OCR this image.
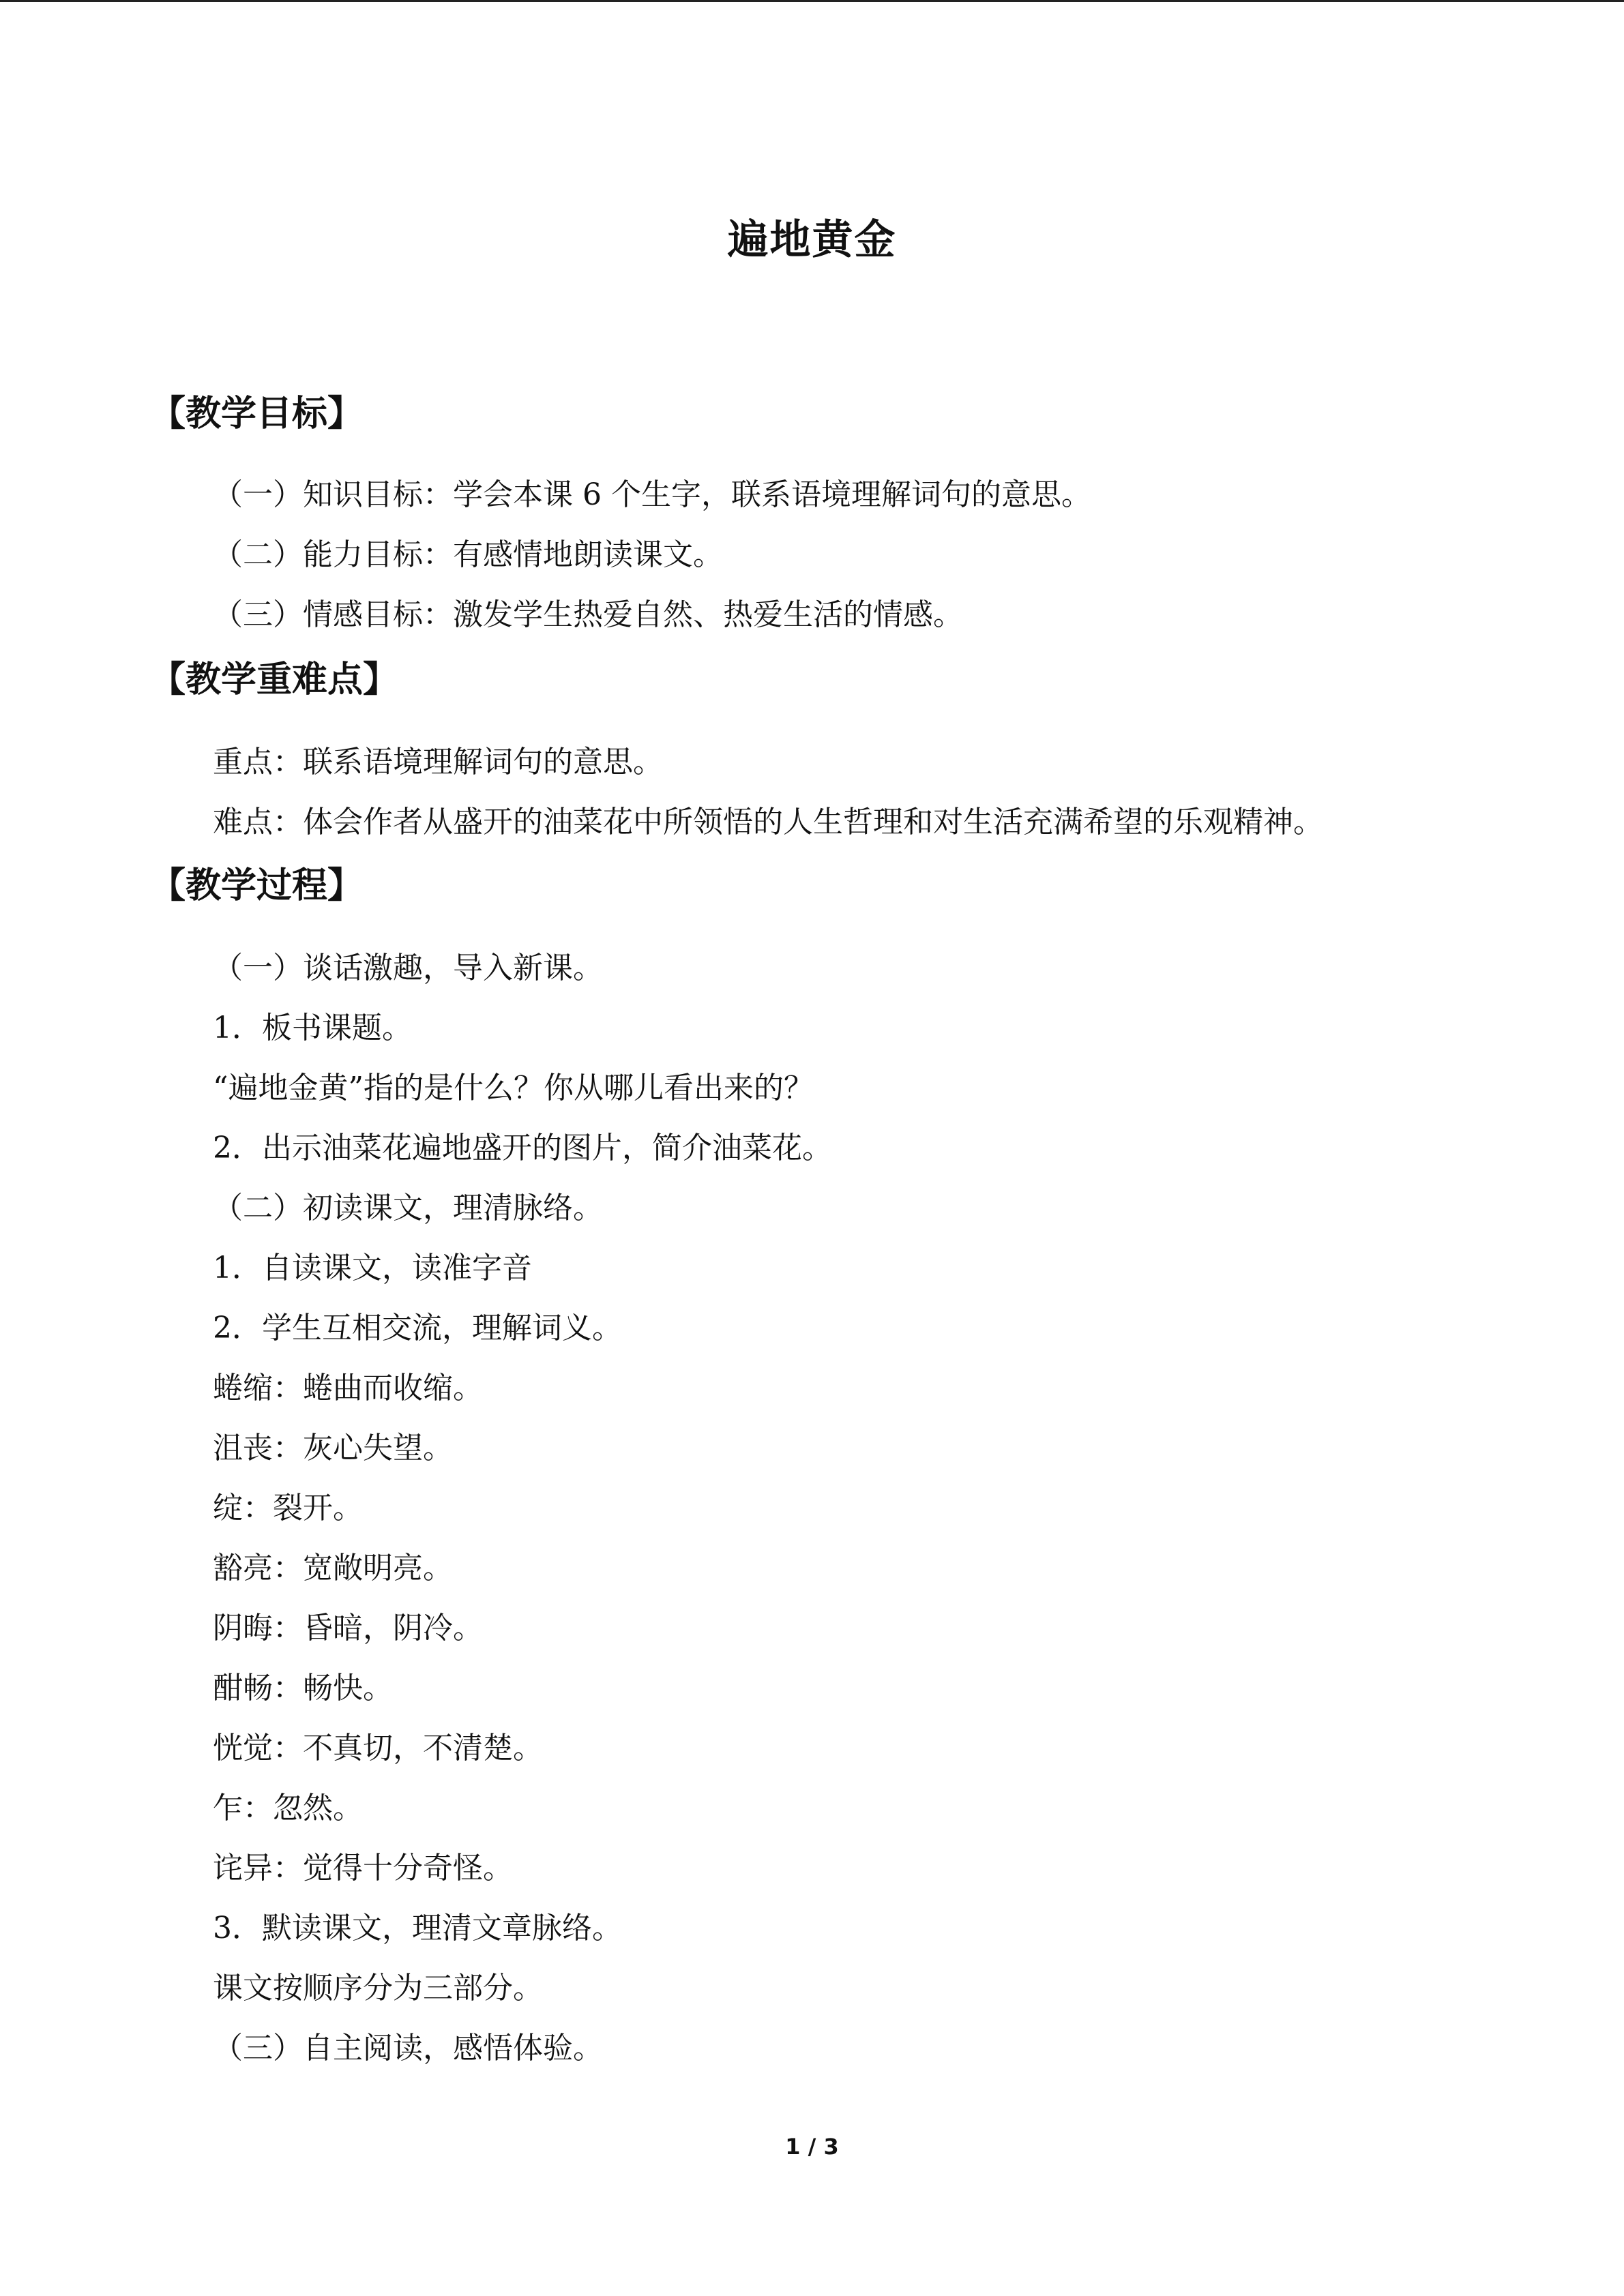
遍地黄金
【教学目标】
（一）知识目标：学会本课 6 个生字，联系语境理解词句的意思。
（二）能力目标：有感情地朗读课文。
（三）情感目标：激发学生热爱自然、热爱生活的情感。
【教学重难点】
重点：联系语境理解词句的意思。
难点：体会作者从盛开的油菜花中所领悟的人生哲理和对生活充满希望的乐观精神。
【教学过程】
（一）谈话激趣，导入新课。
1．板书课题。
“遍地金黄”指的是什么？你从哪儿看出来的？
2．出示油菜花遍地盛开的图片，简介油菜花。
（二）初读课文，理清脉络。
1．自读课文，读准字音
2．学生互相交流，理解词义。
蜷缩：蜷曲而收缩。
沮丧：灰心失望。
绽：裂开。
豁亮：宽敞明亮。
阴晦：昏暗，阴冷。
酣畅：畅快。
恍觉：不真切，不清楚。
乍：忽然。
诧异：觉得十分奇怪。
3．默读课文，理清文章脉络。
课文按顺序分为三部分。
（三）自主阅读，感悟体验。
1 / 3
